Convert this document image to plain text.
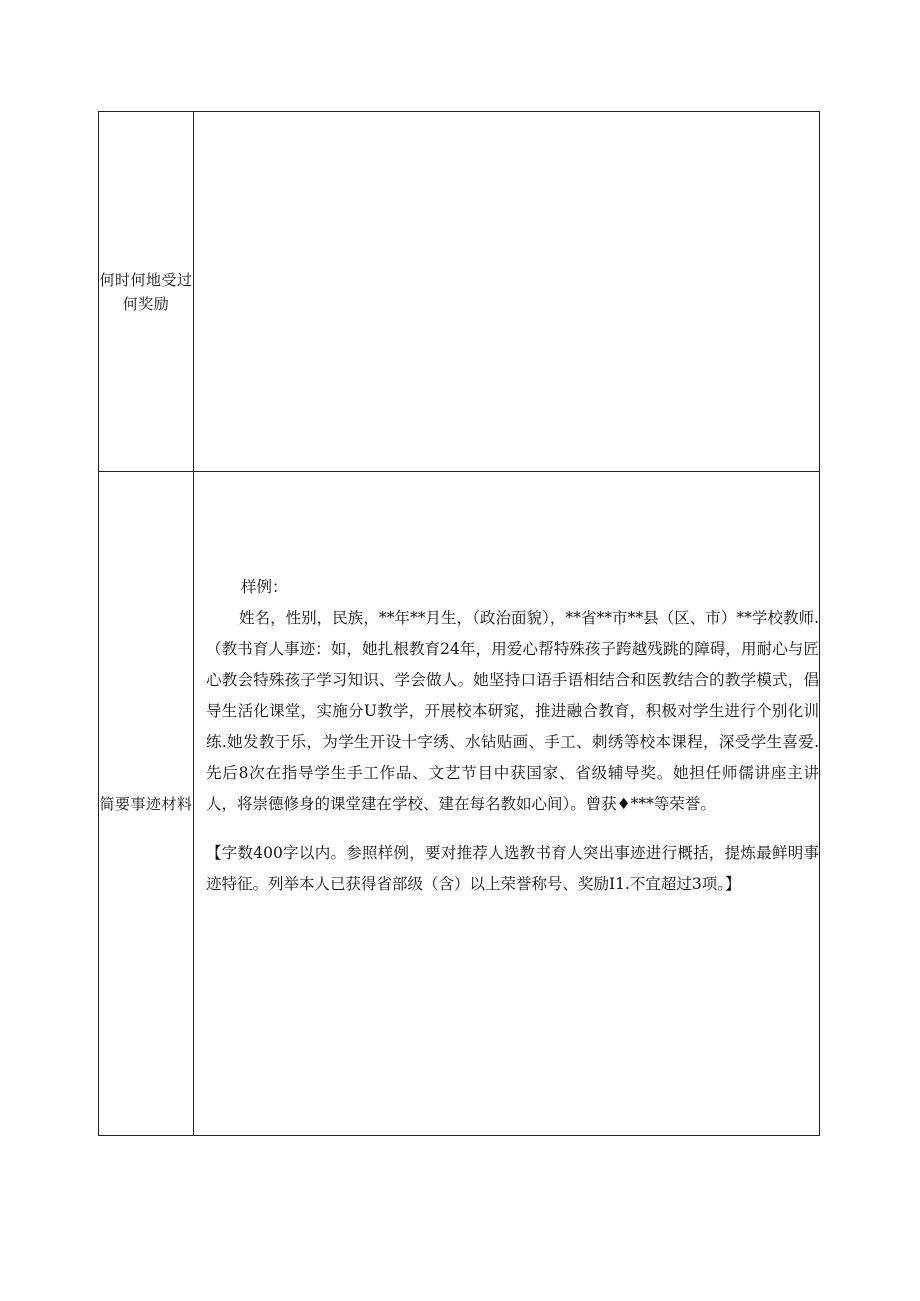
何时何地受过何奖励	
简要事迹材料	样例：

姓名，性别，民族，**年**月生，（政治面貌），**省**市**县（区、市）**学校教师.（教书育人事迹：如，她扎根教育24年，用爱心帮特殊孩子跨越残跳的障碍，用耐心与匠心教会特殊孩子学习知识、学会做人。她坚持口语手语相结合和医教结合的教学模式，倡导生活化课堂，实施分U教学，开展校本研窕，推进融合教育，积极对学生进行个别化训练.她发教于乐，为学生开设十字绣、水钻贴画、手工、刺绣等校本课程，深受学生喜爱.先后8次在指导学生手工作品、文艺节目中获国家、省级辅导奖。她担任师儒讲座主讲人，将崇德修身的课堂建在学校、建在每名教如心间）。曾获♦***等荣誉。

【字数400字以内。参照样例，要对推荐人选教书育人突出事迹进行概括，提炼最鲜明事迹特征。列举本人已获得省部级（含）以上荣誉称号、奖励I1.不宜超过3项。】
